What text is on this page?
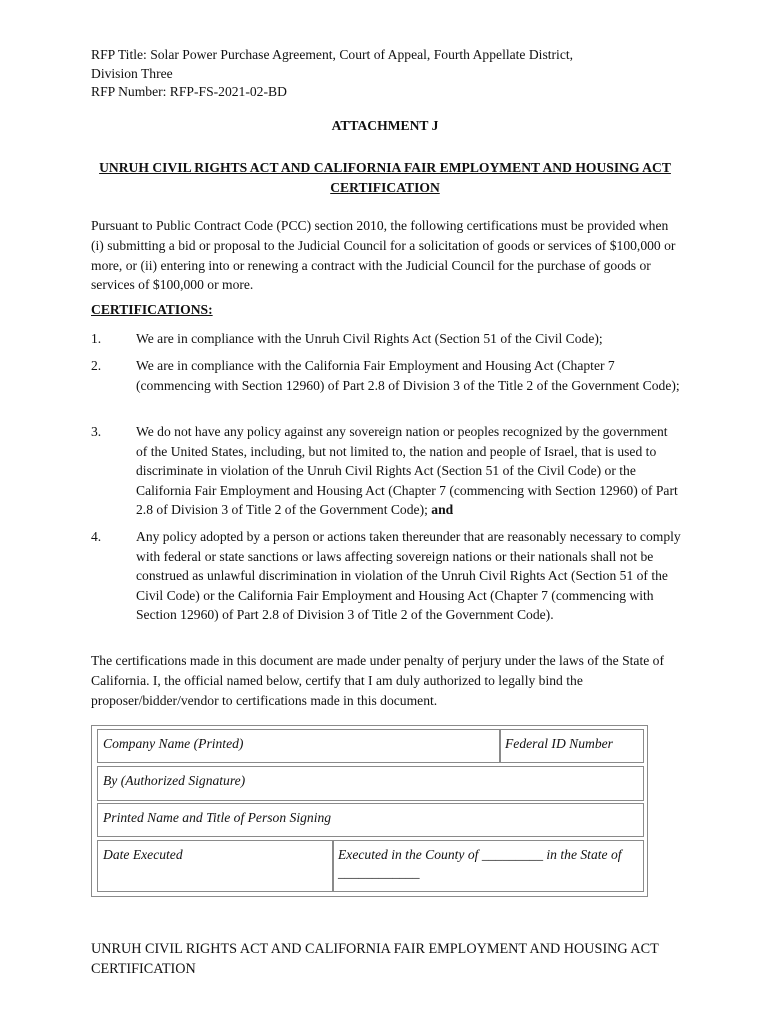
RFP Title: Solar Power Purchase Agreement, Court of Appeal, Fourth Appellate District,
Division Three
RFP Number: RFP-FS-2021-02-BD
ATTACHMENT J
UNRUH CIVIL RIGHTS ACT AND CALIFORNIA FAIR EMPLOYMENT AND HOUSING ACT CERTIFICATION
Pursuant to Public Contract Code (PCC) section 2010, the following certifications must be provided when (i) submitting a bid or proposal to the Judicial Council for a solicitation of goods or services of $100,000 or more, or (ii) entering into or renewing a contract with the Judicial Council for the purchase of goods or services of $100,000 or more.
CERTIFICATIONS:
1.	We are in compliance with the Unruh Civil Rights Act (Section 51 of the Civil Code);
2.	We are in compliance with the California Fair Employment and Housing Act (Chapter 7 (commencing with Section 12960) of Part 2.8 of Division 3 of the Title 2 of the Government Code);
3.	We do not have any policy against any sovereign nation or peoples recognized by the government of the United States, including, but not limited to, the nation and people of Israel, that is used to discriminate in violation of the Unruh Civil Rights Act (Section 51 of the Civil Code) or the California Fair Employment and Housing Act (Chapter 7 (commencing with Section 12960) of Part 2.8 of Division 3 of Title 2 of the Government Code); and
4.	Any policy adopted by a person or actions taken thereunder that are reasonably necessary to comply with federal or state sanctions or laws affecting sovereign nations or their nationals shall not be construed as unlawful discrimination in violation of the Unruh Civil Rights Act (Section 51 of the Civil Code) or the California Fair Employment and Housing Act (Chapter 7 (commencing with Section 12960) of Part 2.8 of Division 3 of Title 2 of the Government Code).
The certifications made in this document are made under penalty of perjury under the laws of the State of California. I, the official named below, certify that I am duly authorized to legally bind the proposer/bidder/vendor to certifications made in this document.
Company Name (Printed)	Federal ID Number
By (Authorized Signature)
Printed Name and Title of Person Signing
Date Executed	Executed in the County of _________ in the State of ____________
UNRUH CIVIL RIGHTS ACT AND CALIFORNIA FAIR EMPLOYMENT AND HOUSING ACT CERTIFICATION
